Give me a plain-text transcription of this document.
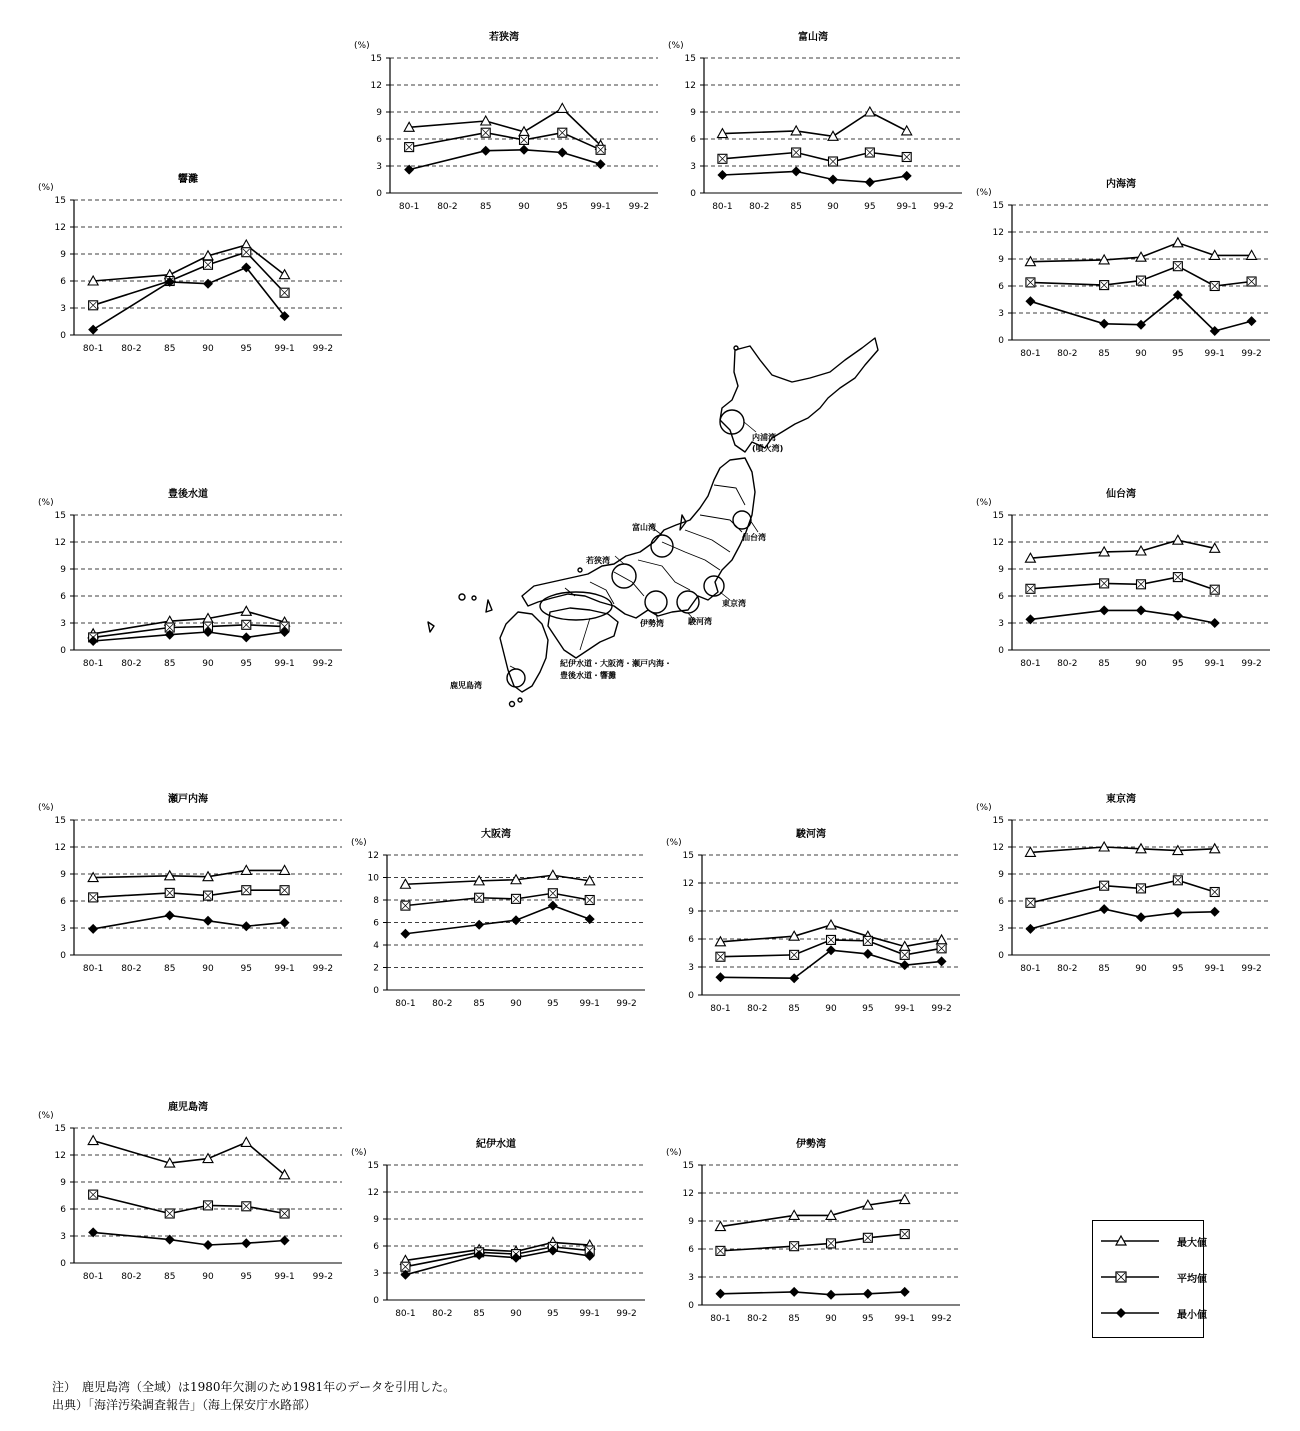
響灘
(%)
0
3
6
9
12
15
80-1 80-2 85	90	95 99-1 99-2
若狭湾
(%)
0
3
6
9
12
15
80-1 80-2 85	90	95 99-1 99-2
富山湾
(%)
0
3
6
9
12
15
80-1 80-2 85	90	95 99-1 99-2
内海湾
(%)
0
3
6
9
12
15
80-1 80-2 85	90	95 99-1 99-2
豊後水道
(%)
0
3
6
9
12
15
80-1 80-2 85	90	95 99-1 99-2
仙台湾
(%)
0
3
6
9
12
15
80-1 80-2 85	90	95 99-1 99-2
瀬戸内海
(%)
0
3
6
9
12
15
80-1 80-2 85	90	95 99-1 99-2
大阪湾
(%)
0
2
4
6
8
10
12
80-1 80-2 85	90	95 99-1 99-2
駿河湾
(%)
0
3
6
9
12
15
80-1 80-2 85	90	95 99-1 99-2
東京湾
(%)
0
3
6
9
12
15
80-1 80-2 85	90	95 99-1 99-2
鹿児島湾
(%)
0
3
6
9
12
15
80-1 80-2 85	90	95 99-1 99-2
紀伊水道
(%)
0
3
6
9
12
15
80-1 80-2 85	90	95 99-1 99-2
伊勢湾
(%)
0
3
6
9
12
15
80-1 80-2 85	90	95 99-1 99-2
内浦湾
(噴火湾)
仙台湾
富山湾
若狭湾
東京湾
伊勢湾	駿河湾
鹿児島湾
紀伊水道・大阪湾・瀬戸内海・
豊後水道・響灘
最大値
平均値
最小値
注）　鹿児島湾（全域）は1980年欠測のため1981年のデータを引用した。
出典）「海洋汚染調査報告」（海上保安庁水路部）
